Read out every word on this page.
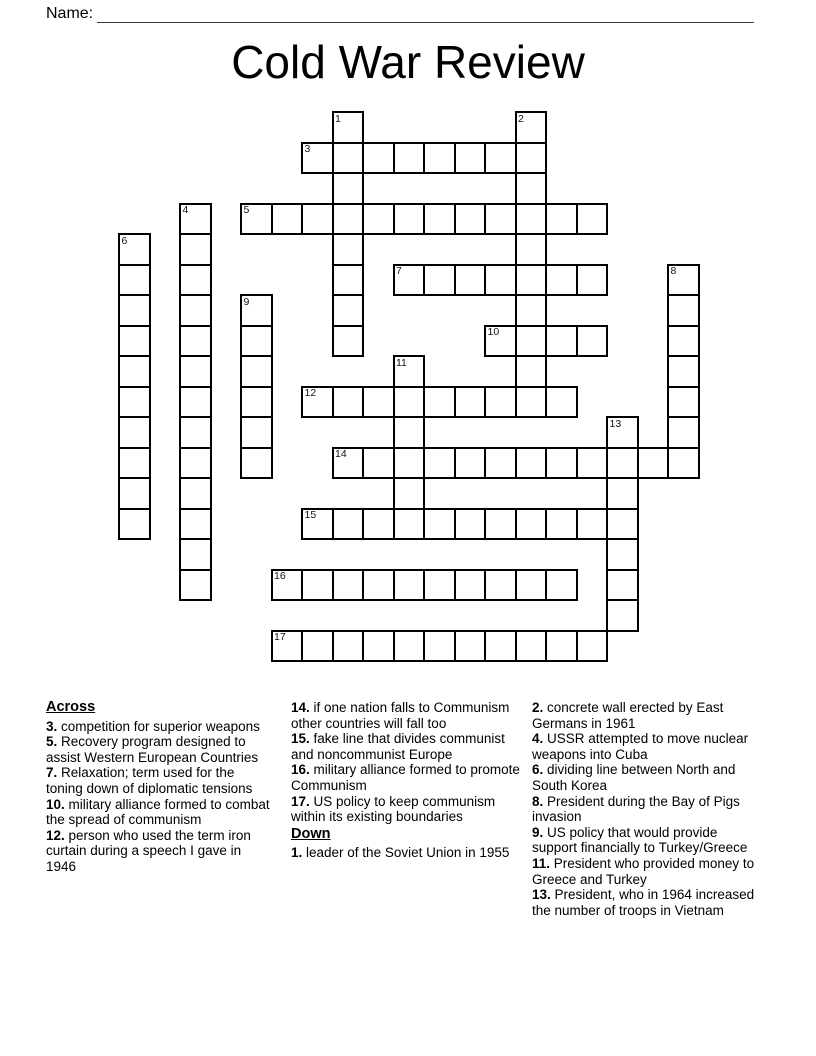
Name:
Cold War Review
3
5
7
10
12
14
15
16
17
1	2
4
6
8
9
11
13
Across
3. competition for superior weapons
5. Recovery program designed to assist Western European Countries
7. Relaxation; term used for the toning down of diplomatic tensions
10. military alliance formed to combat the spread of communism
12. person who used the term iron curtain during a speech I gave in 1946
14. if one nation falls to Communism other countries will fall too
15. fake line that divides communist and noncommunist Europe
16. military alliance formed to promote Communism
17. US policy to keep communism within its existing boundaries
Down
1. leader of the Soviet Union in 1955
2. concrete wall erected by East Germans in 1961
4. USSR attempted to move nuclear weapons into Cuba
6. dividing line between North and South Korea
8. President during the Bay of Pigs invasion
9. US policy that would provide support financially to Turkey/Greece
11. President who provided money to Greece and Turkey
13. President, who in 1964 increased the number of troops in Vietnam
